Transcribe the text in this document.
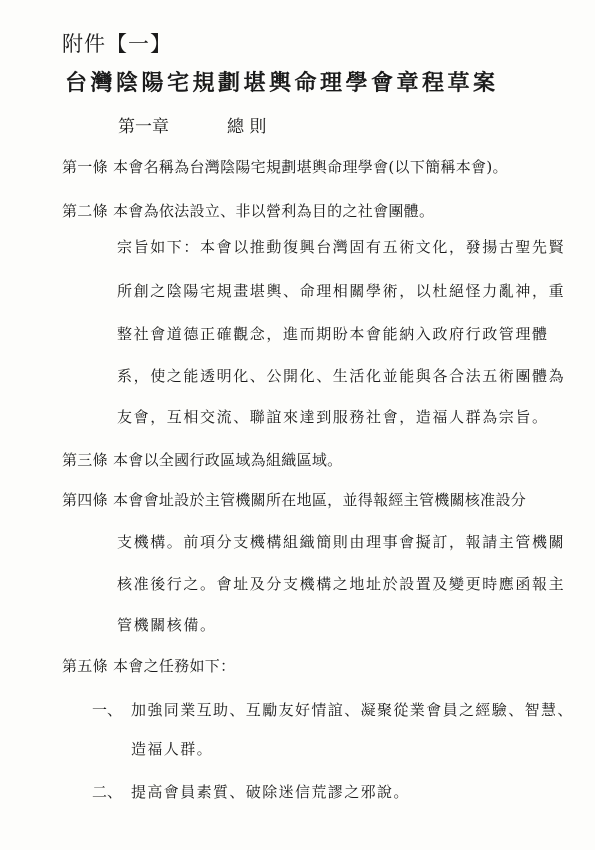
附件【一】
台灣陰陽宅規劃堪輿命理學會章程草案
第一章	總 則
第一條 本會名稱為台灣陰陽宅規劃堪輿命理學會(以下簡稱本會)。
第二條 本會為依法設立、非以營利為目的之社會團體。
宗旨如下：本會以推動復興台灣固有五術文化，發揚古聖先賢
所創之陰陽宅規畫堪輿、命理相關學術，以杜絕怪力亂神，重
整社會道德正確觀念，進而期盼本會能納入政府行政管理體
系，使之能透明化、公開化、生活化並能與各合法五術團體為
友會，互相交流、聯誼來達到服務社會，造福人群為宗旨。
第三條 本會以全國行政區域為組織區域。
第四條 本會會址設於主管機關所在地區，並得報經主管機關核准設分
支機構。前項分支機構組織簡則由理事會擬訂，報請主管機關
核准後行之。會址及分支機構之地址於設置及變更時應函報主
管機關核備。
第五條 本會之任務如下：
一、 加強同業互助、互勵友好情誼、凝聚從業會員之經驗、智慧、
造福人群。
二、 提高會員素質、破除迷信荒謬之邪說。
